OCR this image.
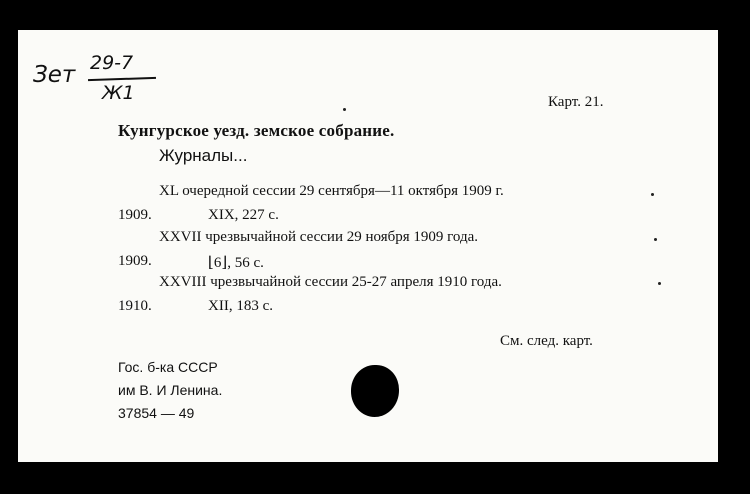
Зет 29-7
Ж1	Карт. 21.
Кунгурское уезд. земское собрание.
Журналы...
XL очередной сессии 29 сентября—11 октября 1909 г.
1909.	XIX, 227 с.
XXVII чрезвычайной сессии 29 ноября 1909 года.
1909.	⌊6⌋, 56 с.
XXVIII чрезвычайной сессии 25-27 апреля 1910 года.
1910.	XII, 183 с.
См. след. карт.
Гос. б-ка СССР
им В. И Ленина.
37854 — 49
